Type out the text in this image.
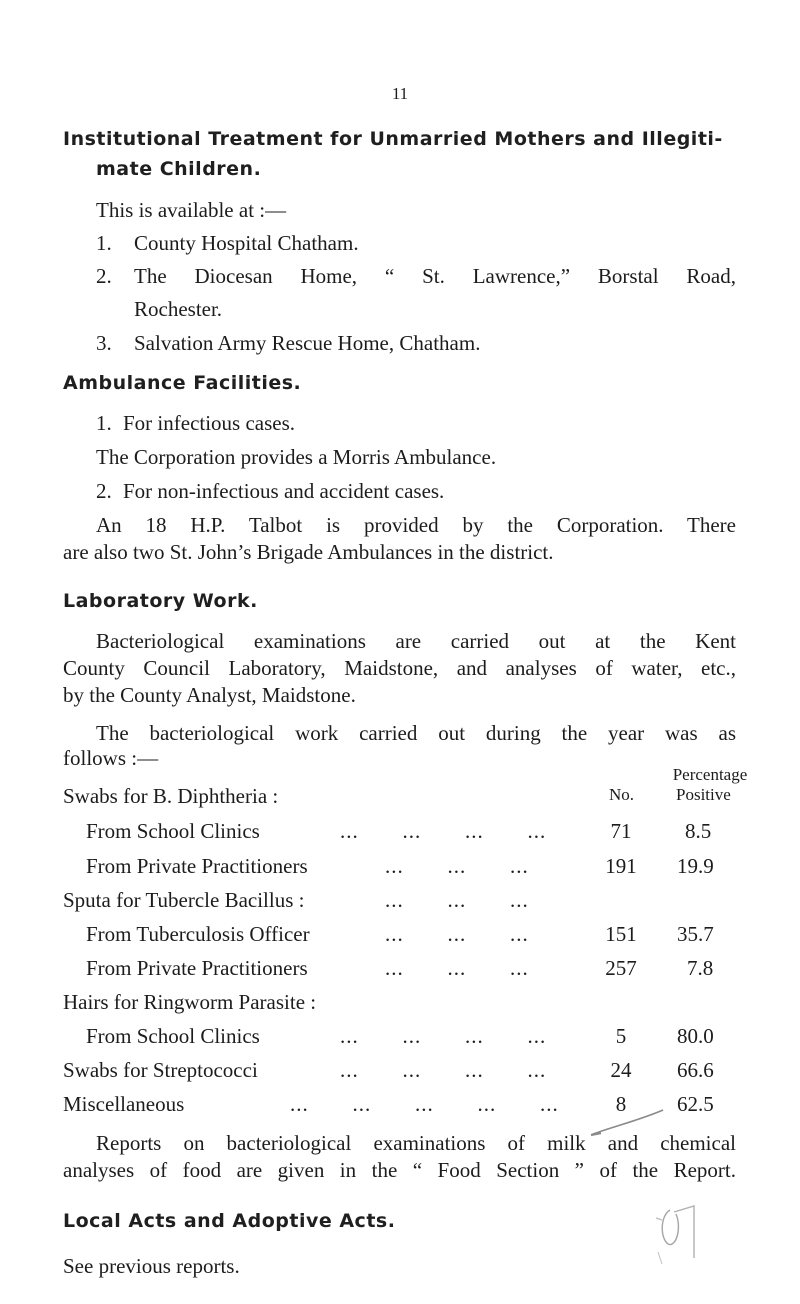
11
Institutional Treatment for Unmarried Mothers and Illegiti-
mate Children.
This is available at :—
1. County Hospital Chatham.
2. The Diocesan Home, “ St. Lawrence,” Borstal Road,
Rochester.
3. Salvation Army Rescue Home, Chatham.
Ambulance Facilities.
1. For infectious cases.
The Corporation provides a Morris Ambulance.
2. For non-infectious and accident cases.
An 18 H.P. Talbot is provided by the Corporation. There
are also two St. John’s Brigade Ambulances in the district.
Laboratory Work.
Bacteriological examinations are carried out at the Kent
County Council Laboratory, Maidstone, and analyses of water, etc.,
by the County Analyst, Maidstone.
The bacteriological work carried out during the year was as
follows :—
Percentage
No. Positive
Swabs for B. Diphtheria :
From School Clinics	...       ...       ...       ...	71	8.5
From Private Practitioners	...       ...       ...	191	19.9
Sputa for Tubercle Bacillus :	...       ...       ...
From Tuberculosis Officer	...       ...       ...	151	35.7
From Private Practitioners	...       ...       ...	257	7.8
Hairs for Ringworm Parasite :
From School Clinics	...       ...       ...       ...	5	80.0
Swabs for Streptococci	...       ...       ...       ...	24	66.6
Miscellaneous	...       ...       ...       ...       ...	8	62.5
Reports on bacteriological examinations of milk and chemical
analyses of food are given in the “ Food Section ” of the Report.
Local Acts and Adoptive Acts.
See previous reports.
